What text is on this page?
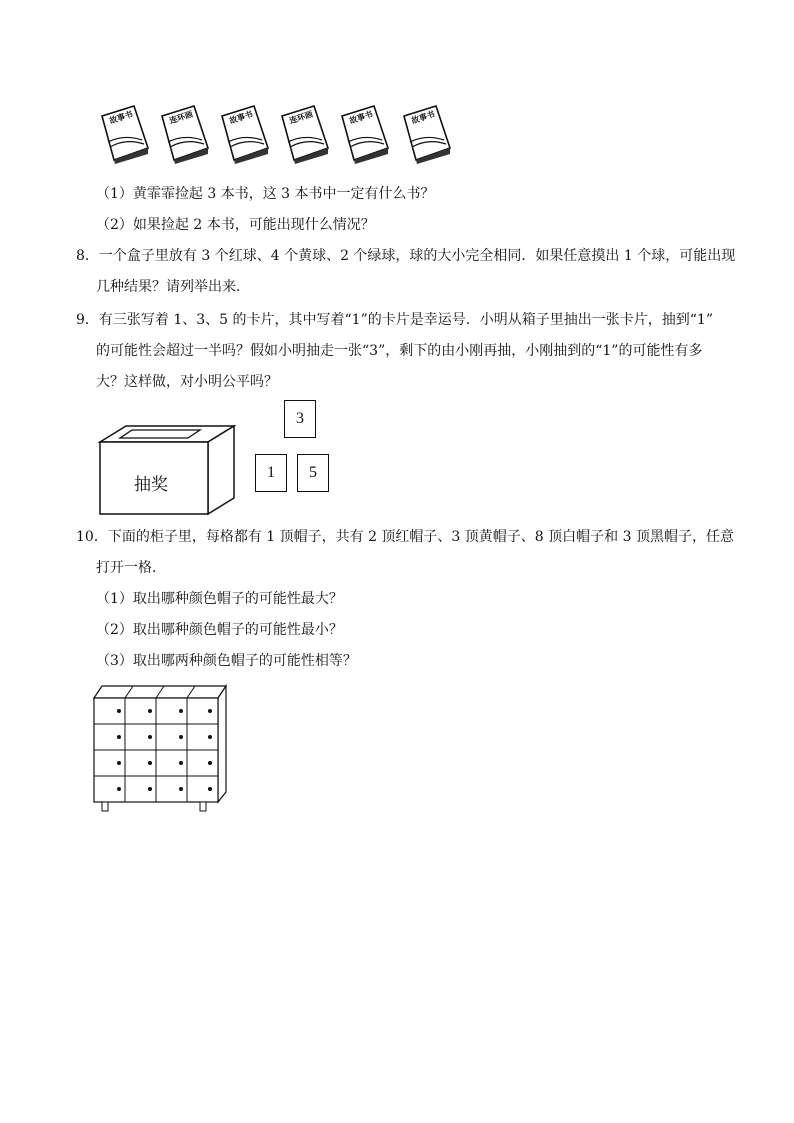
故事书	连环画	故事书	连环画	故事书	故事书
（1）黄霏霏捡起 3 本书，这 3 本书中一定有什么书？
（2）如果捡起 2 本书，可能出现什么情况？
8．一个盒子里放有 3 个红球、4 个黄球、2 个绿球，球的大小完全相同．如果任意摸出 1 个球，可能出现
几种结果？请列举出来．
9．有三张写着 1、3、5 的卡片，其中写着“1”的卡片是幸运号．小明从箱子里抽出一张卡片，抽到“1”
的可能性会超过一半吗？假如小明抽走一张“3”，剩下的由小刚再抽，小刚抽到的“1”的可能性有多
大？这样做，对小明公平吗？
抽奖
3
1	5
10．下面的柜子里，每格都有 1 顶帽子，共有 2 顶红帽子、3 顶黄帽子、8 顶白帽子和 3 顶黑帽子，任意
打开一格．
（1）取出哪种颜色帽子的可能性最大？
（2）取出哪种颜色帽子的可能性最小？
（3）取出哪两种颜色帽子的可能性相等？
